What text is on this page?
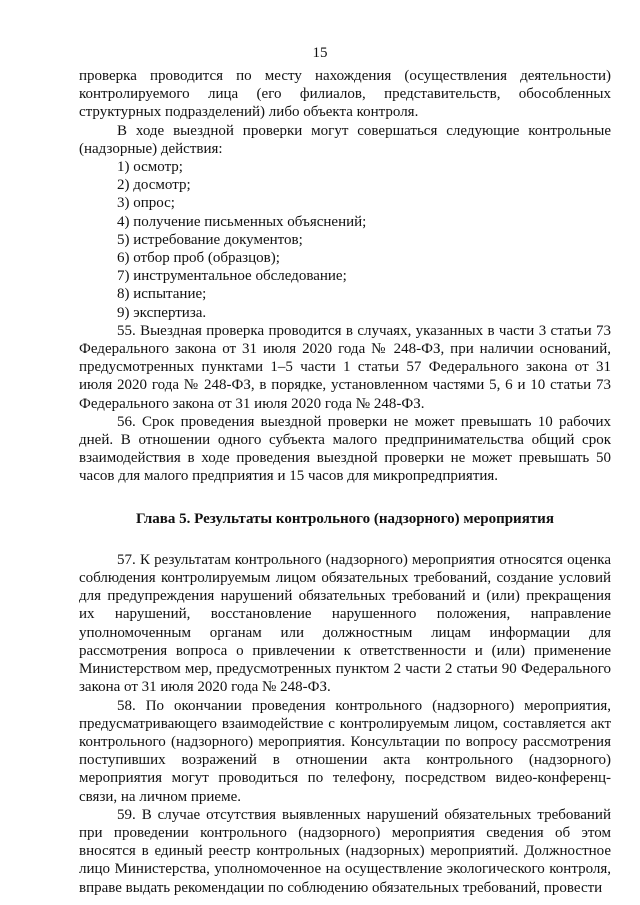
15

проверка проводится по месту нахождения (осуществления деятельности) контролируемого лица (его филиалов, представительств, обособленных структурных подразделений) либо объекта контроля.

В ходе выездной проверки могут совершаться следующие контрольные (надзорные) действия:

1) осмотр;
2) досмотр;
3) опрос;
4) получение письменных объяснений;
5) истребование документов;
6) отбор проб (образцов);
7) инструментальное обследование;
8) испытание;
9) экспертиза.

55. Выездная проверка проводится в случаях, указанных в части 3 статьи 73 Федерального закона от 31 июля 2020 года № 248-ФЗ, при наличии оснований, предусмотренных пунктами 1–5 части 1 статьи 57 Федерального закона от 31 июля 2020 года № 248-ФЗ, в порядке, установленном частями 5, 6 и 10 статьи 73 Федерального закона от 31 июля 2020 года № 248-ФЗ.

56. Срок проведения выездной проверки не может превышать 10 рабочих дней. В отношении одного субъекта малого предпринимательства общий срок взаимодействия в ходе проведения выездной проверки не может превышать 50 часов для малого предприятия и 15 часов для микропредприятия.

Глава 5. Результаты контрольного (надзорного) мероприятия

57. К результатам контрольного (надзорного) мероприятия относятся оценка соблюдения контролируемым лицом обязательных требований, создание условий для предупреждения нарушений обязательных требований и (или) прекращения их нарушений, восстановление нарушенного положения, направление уполномоченным органам или должностным лицам информации для рассмотрения вопроса о привлечении к ответственности и (или) применение Министерством мер, предусмотренных пунктом 2 части 2 статьи 90 Федерального закона от 31 июля 2020 года № 248-ФЗ.

58. По окончании проведения контрольного (надзорного) мероприятия, предусматривающего взаимодействие с контролируемым лицом, составляется акт контрольного (надзорного) мероприятия. Консультации по вопросу рассмотрения поступивших возражений в отношении акта контрольного (надзорного) мероприятия могут проводиться по телефону, посредством видео-конференц-связи, на личном приеме.

59. В случае отсутствия выявленных нарушений обязательных требований при проведении контрольного (надзорного) мероприятия сведения об этом вносятся в единый реестр контрольных (надзорных) мероприятий. Должностное лицо Министерства, уполномоченное на осуществление экологического контроля, вправе выдать рекомендации по соблюдению обязательных требований, провести
